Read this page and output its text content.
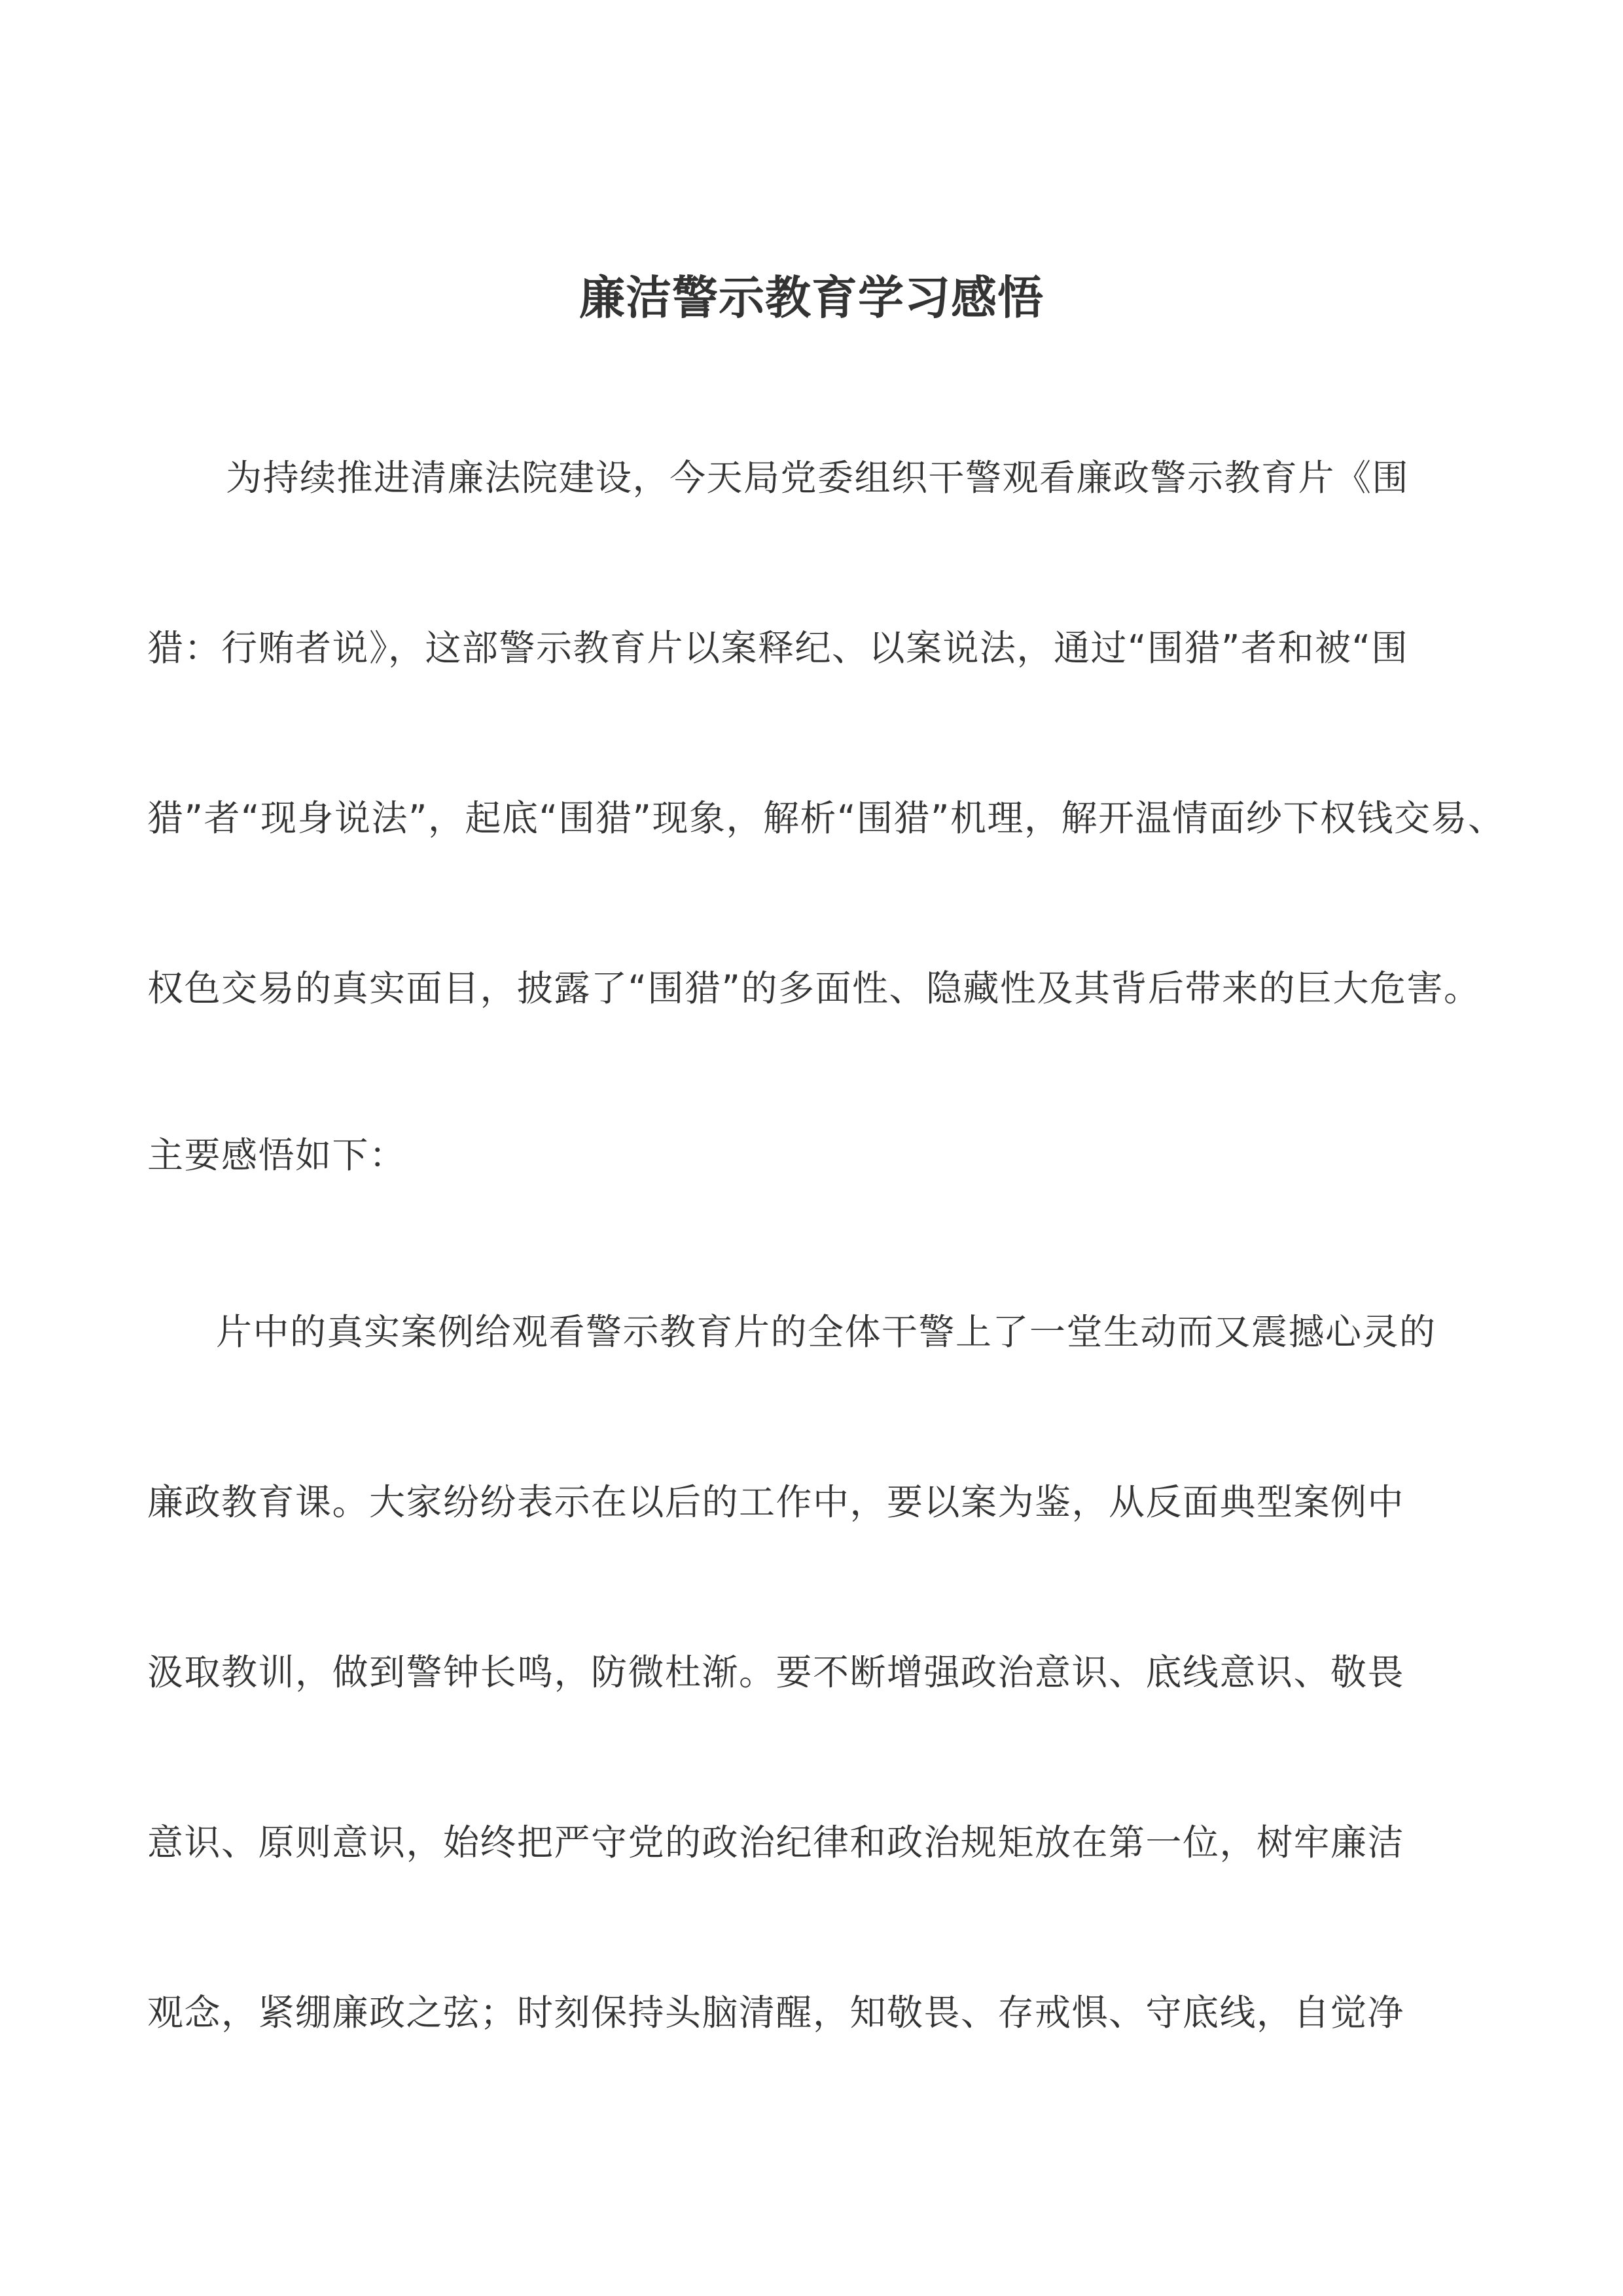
廉洁警示教育学习感悟

为持续推进清廉法院建设，今天局党委组织干警观看廉政警示教育片《围

猎：行贿者说》，这部警示教育片以案释纪、以案说法，通过“围猎”者和被“围

猎”者“现身说法”，起底“围猎”现象，解析“围猎”机理，解开温情面纱下权钱交易、

权色交易的真实面目，披露了“围猎”的多面性、隐藏性及其背后带来的巨大危害。

主要感悟如下：

片中的真实案例给观看警示教育片的全体干警上了一堂生动而又震撼心灵的

廉政教育课。大家纷纷表示在以后的工作中，要以案为鉴，从反面典型案例中

汲取教训，做到警钟长鸣，防微杜渐。要不断增强政治意识、底线意识、敬畏

意识、原则意识，始终把严守党的政治纪律和政治规矩放在第一位，树牢廉洁

观念，紧绷廉政之弦；时刻保持头脑清醒，知敬畏、存戒惧、守底线，自觉净
